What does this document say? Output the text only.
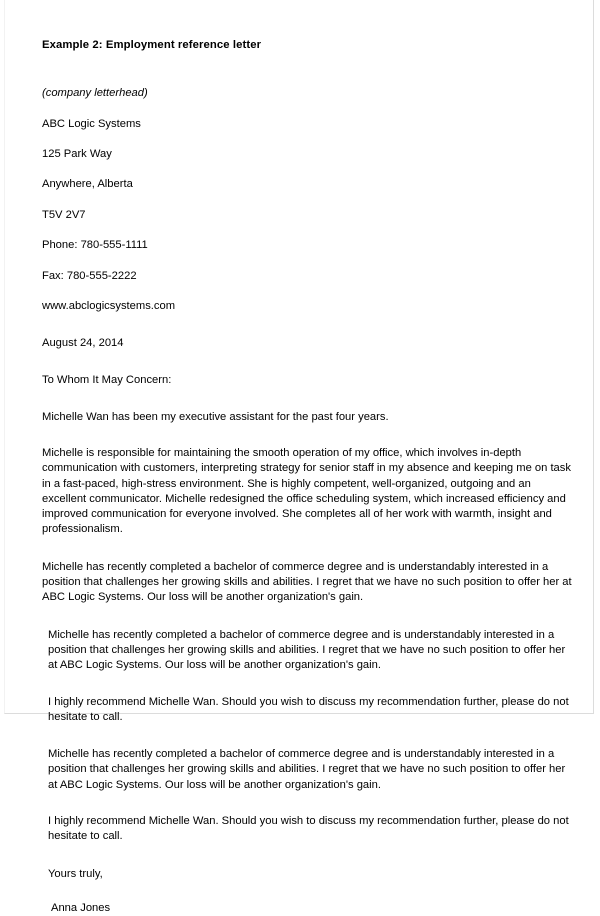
Example 2: Employment reference letter

(company letterhead)

ABC Logic Systems

125 Park Way

Anywhere, Alberta

T5V 2V7

Phone: 780-555-1111

Fax: 780-555-2222

www.abclogicsystems.com

August 24, 2014

To Whom It May Concern:

Michelle Wan has been my executive assistant for the past four years.

Michelle is responsible for maintaining the smooth operation of my office, which involves in-depth communication with customers, interpreting strategy for senior staff in my absence and keeping me on task in a fast-paced, high-stress environment. She is highly competent, well-organized, outgoing and an excellent communicator. Michelle redesigned the office scheduling system, which increased efficiency and improved communication for everyone involved. She completes all of her work with warmth, insight and professionalism.

Michelle has recently completed a bachelor of commerce degree and is understandably interested in a position that challenges her growing skills and abilities. I regret that we have no such position to offer her at ABC Logic Systems. Our loss will be another organization's gain.

Michelle has recently completed a bachelor of commerce degree and is understandably interested in a position that challenges her growing skills and abilities. I regret that we have no such position to offer her at ABC Logic Systems. Our loss will be another organization's gain.

I highly recommend Michelle Wan. Should you wish to discuss my recommendation further, please do not hesitate to call.

Michelle has recently completed a bachelor of commerce degree and is understandably interested in a position that challenges her growing skills and abilities. I regret that we have no such position to offer her at ABC Logic Systems. Our loss will be another organization's gain.

I highly recommend Michelle Wan. Should you wish to discuss my recommendation further, please do not hesitate to call.

Yours truly,

Anna Jones
